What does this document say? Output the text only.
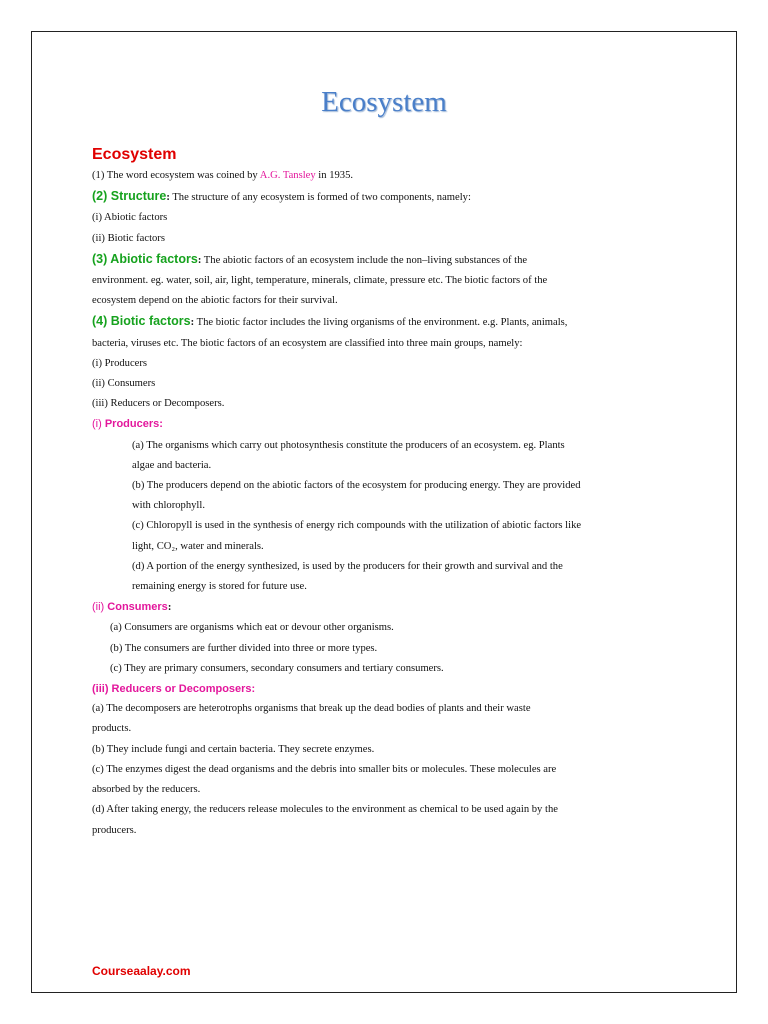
Ecosystem
Ecosystem
(1) The word ecosystem was coined by A.G. Tansley in 1935.
(2) Structure: The structure of any ecosystem is formed of two components, namely:
(i) Abiotic factors
(ii) Biotic factors
(3) Abiotic factors: The abiotic factors of an ecosystem include the non–living substances of the
environment. eg. water, soil, air, light, temperature, minerals, climate, pressure etc. The biotic factors of the
ecosystem depend on the abiotic factors for their survival.
(4) Biotic factors: The biotic factor includes the living organisms of the environment. e.g. Plants, animals,
bacteria, viruses etc. The biotic factors of an ecosystem are classified into three main groups, namely:
(i) Producers
(ii) Consumers
(iii) Reducers or Decomposers.
(i) Producers:
(a) The organisms which carry out photosynthesis constitute the producers of an ecosystem. eg. Plants
algae and bacteria.
(b) The producers depend on the abiotic factors of the ecosystem for producing energy. They are provided
with chlorophyll.
(c) Chloropyll is used in the synthesis of energy rich compounds with the utilization of abiotic factors like
light, CO₂, water and minerals.
(d) A portion of the energy synthesized, is used by the producers for their growth and survival and the
remaining energy is stored for future use.
(ii) Consumers:
(a) Consumers are organisms which eat or devour other organisms.
(b) The consumers are further divided into three or more types.
(c) They are primary consumers, secondary consumers and tertiary consumers.
(iii) Reducers or Decomposers:
(a) The decomposers are heterotrophs organisms that break up the dead bodies of plants and their waste
products.
(b) They include fungi and certain bacteria. They secrete enzymes.
(c) The enzymes digest the dead organisms and the debris into smaller bits or molecules. These molecules are
absorbed by the reducers.
(d) After taking energy, the reducers release molecules to the environment as chemical to be used again by the
producers.
Courseaalay.com
